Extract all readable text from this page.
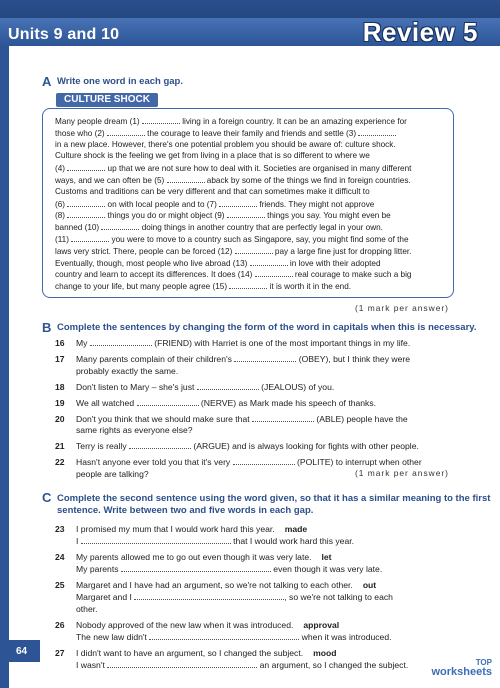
Units 9 and 10	Review 5
A Write one word in each gap.
CULTURE SHOCK
Many people dream (1)	living in a foreign country. It can be an amazing experience for
those who (2)	the courage to leave their family and friends and settle (3)
in a new place. However, there's one potential problem you should be aware of: culture shock.
Culture shock is the feeling we get from living in a place that is so different to where we
(4)	up that we are not sure how to deal with it. Societies are organised in many different
ways, and we can often be (5)	aback by some of the things we find in foreign countries.
Customs and traditions can be very different and that can sometimes make it difficult to
(6)	on with local people and to (7)	friends. They might not approve
(8)	things you do or might object (9)	things you say. You might even be
banned (10)	doing things in another country that are perfectly legal in your own.
(11)	you were to move to a country such as Singapore, say, you might find some of the
laws very strict. There, people can be forced (12)	pay a large fine just for dropping litter.
Eventually, though, most people who live abroad (13)	in love with their adopted
country and learn to accept its differences. It does (14)	real courage to make such a big
change to your life, but many people agree (15)	it is worth it in the end.
(1 mark per answer)
B Complete the sentences by changing the form of the word in capitals when this is necessary.
16 My	(FRIEND) with Harriet is one of the most important things in my life.
17 Many parents complain of their children's	(OBEY), but I think they were
probably exactly the same.
18 Don't listen to Mary – she's just	(JEALOUS) of you.
19 We all watched	(NERVE) as Mark made his speech of thanks.
20 Don't you think that we should make sure that	(ABLE) people have the
same rights as everyone else?
21 Terry is really	(ARGUE) and is always looking for fights with other people.
22 Hasn't anyone ever told you that it's very	(POLITE) to interrupt when other
people are talking?	(1 mark per answer)
C Complete the second sentence using the word given, so that it has a similar meaning to the first
sentence. Write between two and five words in each gap.
23 I promised my mum that I would work hard this year. made
I	that I would work hard this year.
24 My parents allowed me to go out even though it was very late. let
My parents	even though it was very late.
25 Margaret and I have had an argument, so we're not talking to each other. out
Margaret and I	, so we're not talking to each
other.
26 Nobody approved of the new law when it was introduced. approval
The new law didn't	when it was introduced.
27 I didn't want to have an argument, so I changed the subject. mood
I wasn't	an argument, so I changed the subject.
64
TOP
worksheets
